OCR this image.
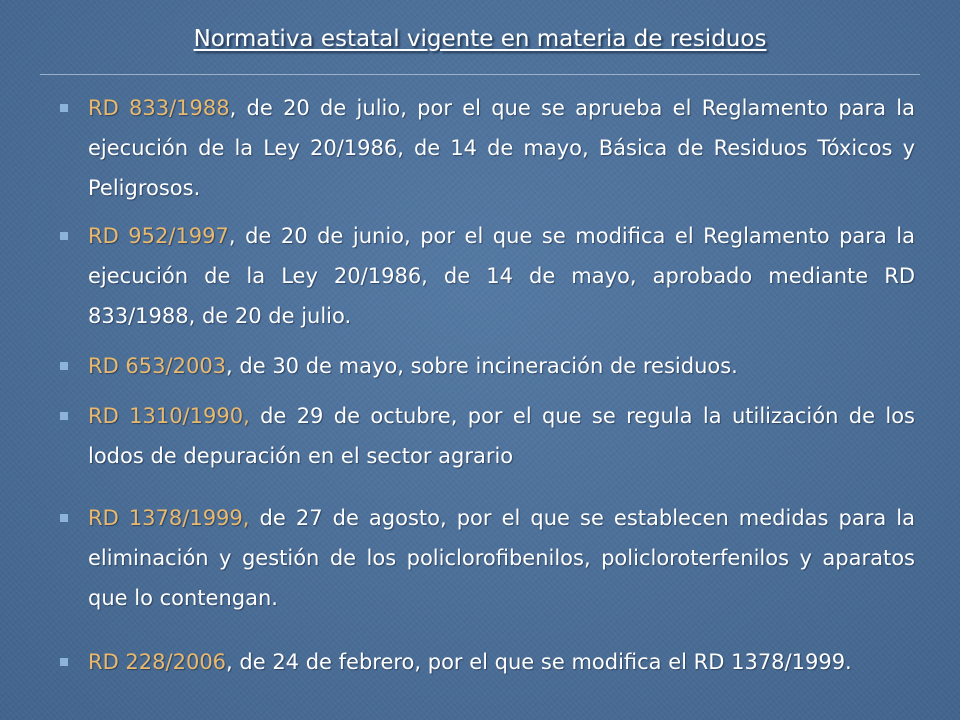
Normativa estatal vigente en materia de residuos
RD 833/1988, de 20 de julio, por el que se aprueba el Reglamento para la ejecución de la Ley 20/1986, de 14 de mayo, Básica de Residuos Tóxicos y Peligrosos.
RD 952/1997, de 20 de junio, por el que se modifica el Reglamento para la ejecución de la Ley 20/1986, de 14 de mayo, aprobado mediante RD 833/1988, de 20 de julio.
RD 653/2003, de 30 de mayo, sobre incineración de residuos.
RD 1310/1990, de 29 de octubre, por el que se regula la utilización de los lodos de depuración en el sector agrario
RD 1378/1999, de 27 de agosto, por el que se establecen medidas para la eliminación y gestión de los policlorofibenilos, policloroterfenilos y aparatos que lo contengan.
RD 228/2006, de 24 de febrero, por el que se modifica el RD 1378/1999.
